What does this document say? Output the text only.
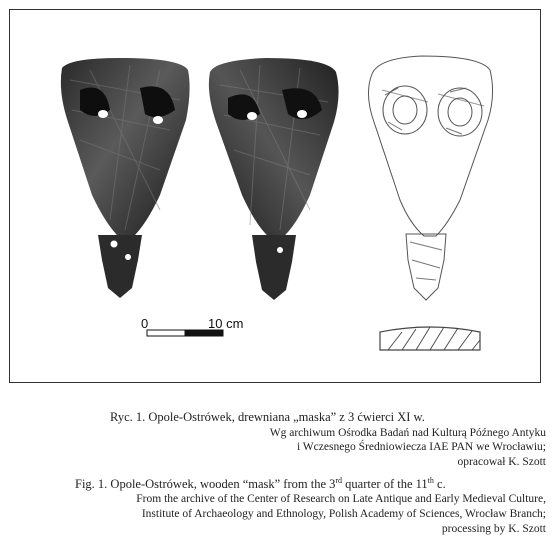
0	10 cm
Ryc. 1. Opole-Ostrówek, drewniana „maska” z 3 ćwierci XI w.
Wg archiwum Ośrodka Badań nad Kulturą Późnego Antyku
i Wczesnego Średniowiecza IAE PAN we Wrocławiu;
opracował K. Szott
Fig. 1. Opole-Ostrówek, wooden “mask” from the 3rd quarter of the 11th c.
From the archive of the Center of Research on Late Antique and Early Medieval Culture,
Institute of Archaeology and Ethnology, Polish Academy of Sciences, Wrocław Branch;
processing by K. Szott
